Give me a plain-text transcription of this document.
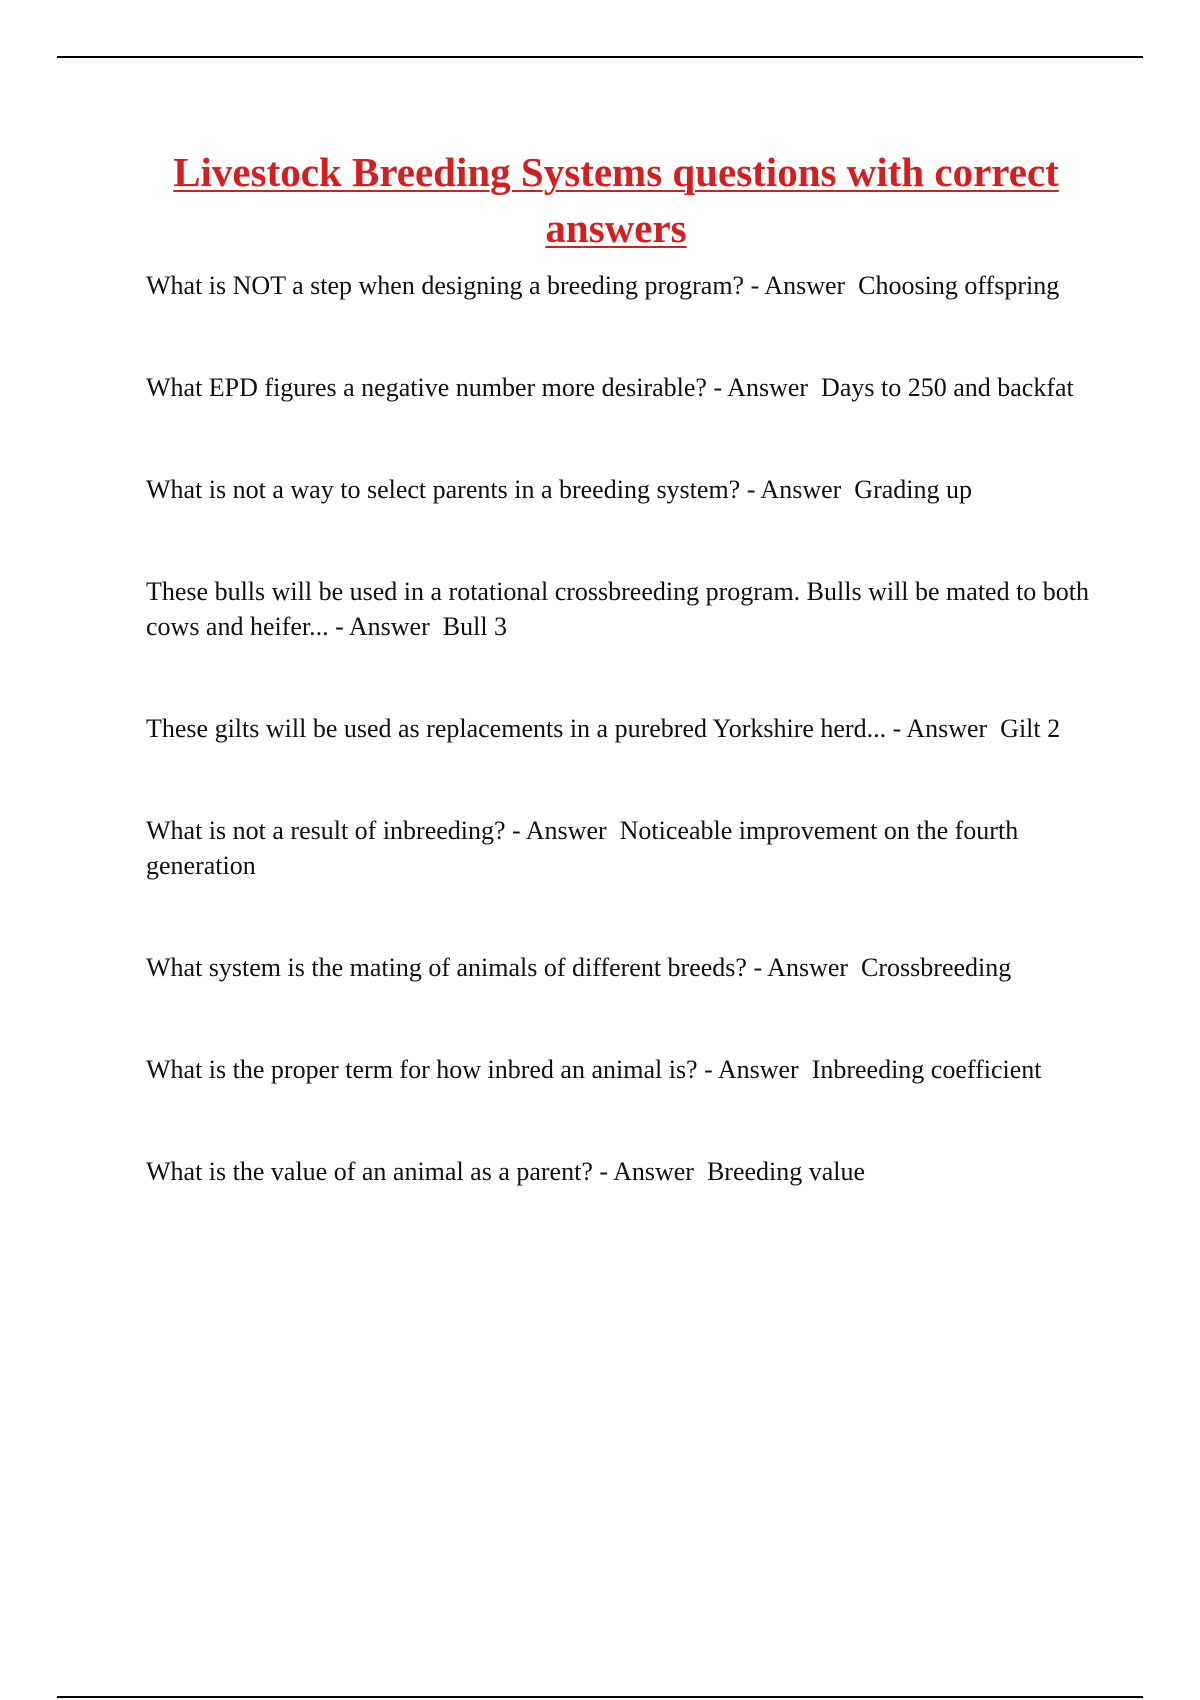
Livestock Breeding Systems questions with correct answers
What is NOT a step when designing a breeding program? - Answer  Choosing offspring
What EPD figures a negative number more desirable? - Answer  Days to 250 and backfat
What is not a way to select parents in a breeding system? - Answer  Grading up
These bulls will be used in a rotational crossbreeding program. Bulls will be mated to both cows and heifer... - Answer  Bull 3
These gilts will be used as replacements in a purebred Yorkshire herd... - Answer  Gilt 2
What is not a result of inbreeding? - Answer  Noticeable improvement on the fourth generation
What system is the mating of animals of different breeds? - Answer  Crossbreeding
What is the proper term for how inbred an animal is? - Answer  Inbreeding coefficient
What is the value of an animal as a parent? - Answer  Breeding value
